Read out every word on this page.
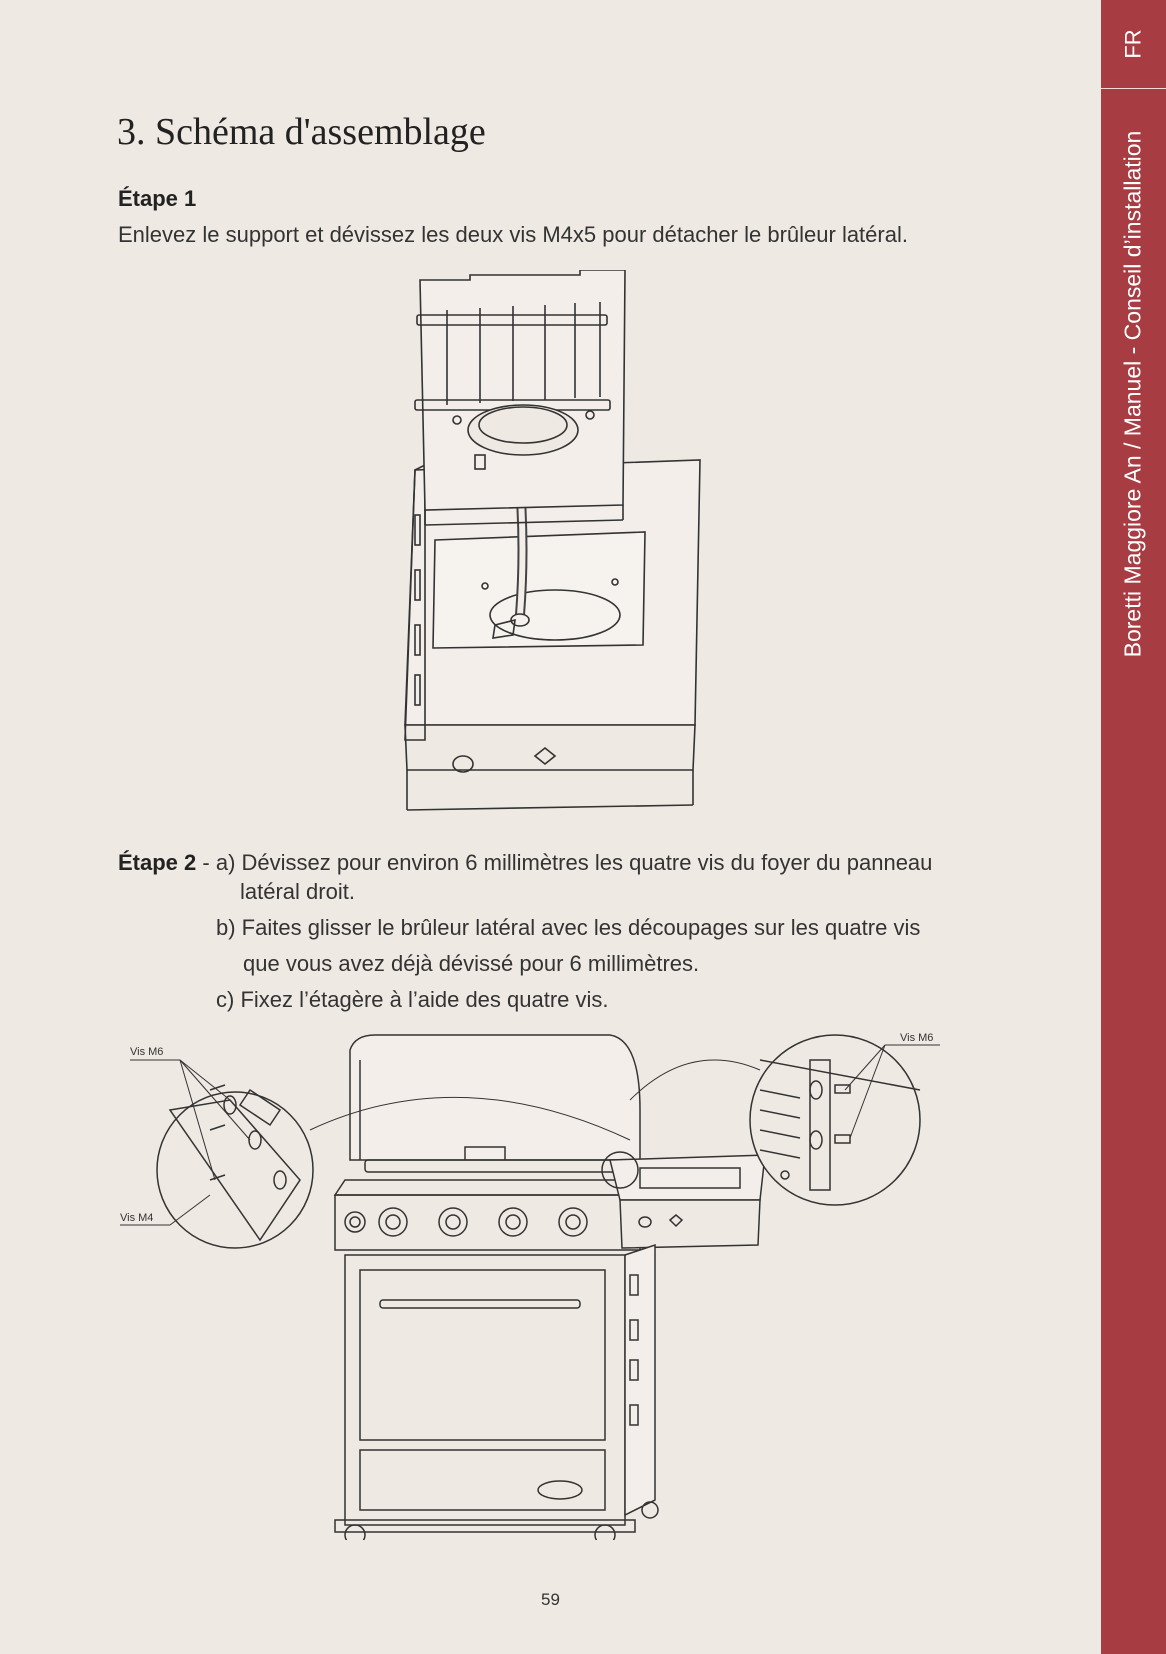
FR
Boretti Maggiore An / Manuel - Conseil d’installation
3. Schéma d'assemblage
Étape 1
Enlevez le support et dévissez les deux vis M4x5 pour détacher le brûleur latéral.
Étape 2 - a) Dévissez pour environ 6 millimètres les quatre vis du foyer du panneau
latéral droit.
b) Faites glisser le brûleur latéral avec les découpages sur les quatre vis
que vous avez déjà dévissé pour 6 millimètres.
c) Fixez l’étagère à l’aide des quatre vis.
Vis M6
Vis M4
Vis M6
59
